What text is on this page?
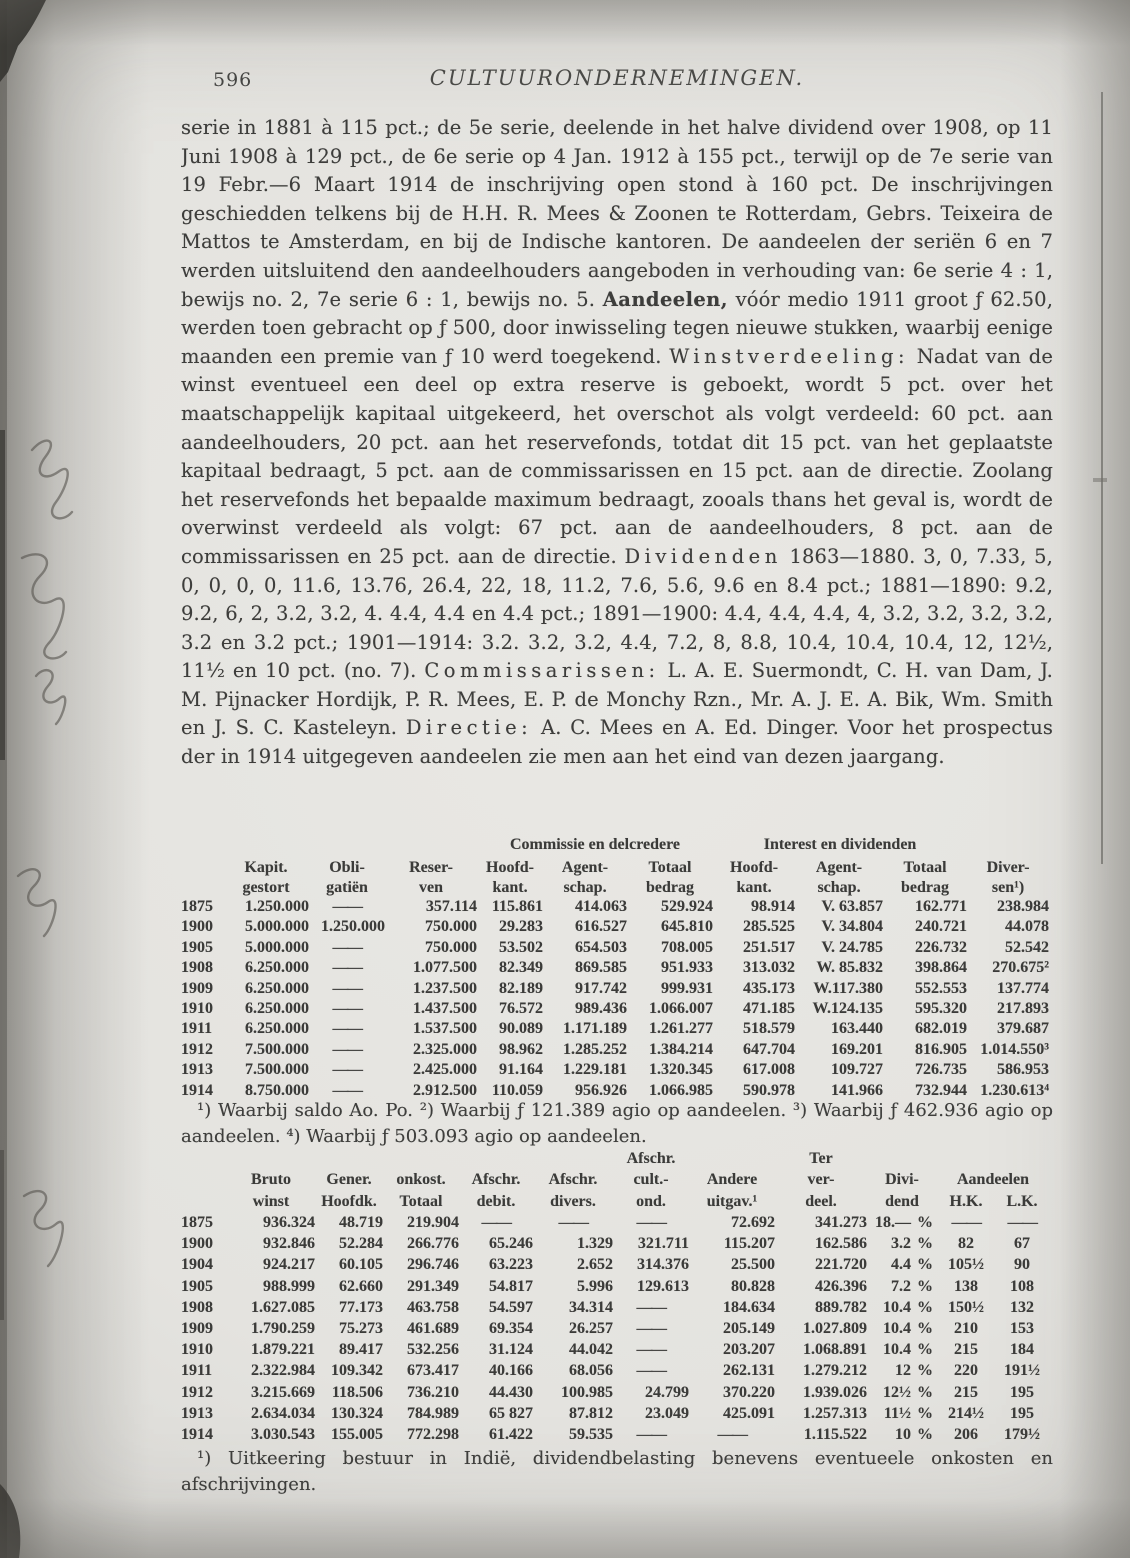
596	CULTUURONDERNEMINGEN.
serie in 1881 à 115 pct.; de 5e serie, deelende in het halve dividend over 1908, op 11 Juni 1908 à 129 pct., de 6e serie op 4 Jan. 1912 à 155 pct., terwijl op de 7e serie van 19 Febr.—6 Maart 1914 de inschrijving open stond à 160 pct. De inschrijvingen geschiedden telkens bij de H.H. R. Mees & Zoonen te Rotterdam, Gebrs. Teixeira de Mattos te Amsterdam, en bij de Indische kantoren. De aandeelen der seriën 6 en 7 werden uitsluitend den aandeelhouders aangeboden in verhouding van: 6e serie 4 : 1, bewijs no. 2, 7e serie 6 : 1, bewijs no. 5. Aandeelen, vóór medio 1911 groot ƒ 62.50, werden toen gebracht op ƒ 500, door inwisseling tegen nieuwe stukken, waarbij eenige maanden een premie van ƒ 10 werd toegekend. Winstverdeeling: Nadat van de winst eventueel een deel op extra reserve is geboekt, wordt 5 pct. over het maatschappelijk kapitaal uitgekeerd, het overschot als volgt verdeeld: 60 pct. aan aandeelhouders, 20 pct. aan het reservefonds, totdat dit 15 pct. van het geplaatste kapitaal bedraagt, 5 pct. aan de commissarissen en 15 pct. aan de directie. Zoolang het reservefonds het bepaalde maximum bedraagt, zooals thans het geval is, wordt de overwinst verdeeld als volgt: 67 pct. aan de aandeelhouders, 8 pct. aan de commissarissen en 25 pct. aan de directie. Dividenden 1863—1880. 3, 0, 7.33, 5, 0, 0, 0, 0, 11.6, 13.76, 26.4, 22, 18, 11.2, 7.6, 5.6, 9.6 en 8.4 pct.; 1881—1890: 9.2, 9.2, 6, 2, 3.2, 3.2, 4. 4.4, 4.4 en 4.4 pct.; 1891—1900: 4.4, 4.4, 4.4, 4, 3.2, 3.2, 3.2, 3.2, 3.2 en 3.2 pct.; 1901—1914: 3.2. 3.2, 3.2, 4.4, 7.2, 8, 8.8, 10.4, 10.4, 10.4, 12, 12½, 11½ en 10 pct. (no. 7). Commissarissen: L. A. E. Suermondt, C. H. van Dam, J. M. Pijnacker Hordijk, P. R. Mees, E. P. de Monchy Rzn., Mr. A. J. E. A. Bik, Wm. Smith en J. S. C. Kasteleyn. Directie: A. C. Mees en A. Ed. Dinger. Voor het prospectus der in 1914 uitgegeven aandeelen zie men aan het eind van dezen jaargang.
				Commissie en delcredere			Interest en dividenden			
	Kapit.	Obli-	Reser-	Hoofd-	Agent-	Totaal	Hoofd-	Agent-	Totaal	Diver-
	gestort	gatiën	ven	kant.	schap.	bedrag	kant.	schap.	bedrag	sen¹)
1875	1.250.000	——	357.114	115.861	414.063	529.924	98.914	V. 63.857	162.771	238.984
1900	5.000.000	1.250.000	750.000	29.283	616.527	645.810	285.525	V. 34.804	240.721	44.078
1905	5.000.000	——	750.000	53.502	654.503	708.005	251.517	V. 24.785	226.732	52.542
1908	6.250.000	——	1.077.500	82.349	869.585	951.933	313.032	W. 85.832	398.864	270.675²
1909	6.250.000	——	1.237.500	82.189	917.742	999.931	435.173	W.117.380	552.553	137.774
1910	6.250.000	——	1.437.500	76.572	989.436	1.066.007	471.185	W.124.135	595.320	217.893
1911	6.250.000	——	1.537.500	90.089	1.171.189	1.261.277	518.579	163.440	682.019	379.687
1912	7.500.000	——	2.325.000	98.962	1.285.252	1.384.214	647.704	169.201	816.905	1.014.550³
1913	7.500.000	——	2.425.000	91.164	1.229.181	1.320.345	617.008	109.727	726.735	586.953
1914	8.750.000	——	2.912.500	110.059	956.926	1.066.985	590.978	141.966	732.944	1.230.613⁴
¹) Waarbij saldo Ao. Po. ²) Waarbij ƒ 121.389 agio op aandeelen. ³) Waarbij ƒ 462.936 agio op aandeelen. ⁴) Waarbij ƒ 503.093 agio op aandeelen.
						Afschr.		Ter				
	Bruto	Gener.	onkost.	Afschr.	Afschr.	cult.-	Andere	ver-	Divi-		Aandeelen	
	winst	Hoofdk.	Totaal	debit.	divers.	ond.	uitgav.¹	deel.	dend		H.K.	L.K.
1875	936.324	48.719	219.904	——	——	——	72.692	341.273	18.—	%	——	——
1900	932.846	52.284	266.776	65.246	1.329	321.711	115.207	162.586	3.2	%	82	67
1904	924.217	60.105	296.746	63.223	2.652	314.376	25.500	221.720	4.4	%	105½	90
1905	988.999	62.660	291.349	54.817	5.996	129.613	80.828	426.396	7.2	%	138	108
1908	1.627.085	77.173	463.758	54.597	34.314	——	184.634	889.782	10.4	%	150½	132
1909	1.790.259	75.273	461.689	69.354	26.257	——	205.149	1.027.809	10.4	%	210	153
1910	1.879.221	89.417	532.256	31.124	44.042	——	203.207	1.068.891	10.4	%	215	184
1911	2.322.984	109.342	673.417	40.166	68.056	——	262.131	1.279.212	12	%	220	191½
1912	3.215.669	118.506	736.210	44.430	100.985	24.799	370.220	1.939.026	12½	%	215	195
1913	2.634.034	130.324	784.989	65 827	87.812	23.049	425.091	1.257.313	11½	%	214½	195
1914	3.030.543	155.005	772.298	61.422	59.535	——	——	1.115.522	10	%	206	179½
¹) Uitkeering bestuur in Indië, dividendbelasting benevens eventueele onkosten en afschrijvingen.
